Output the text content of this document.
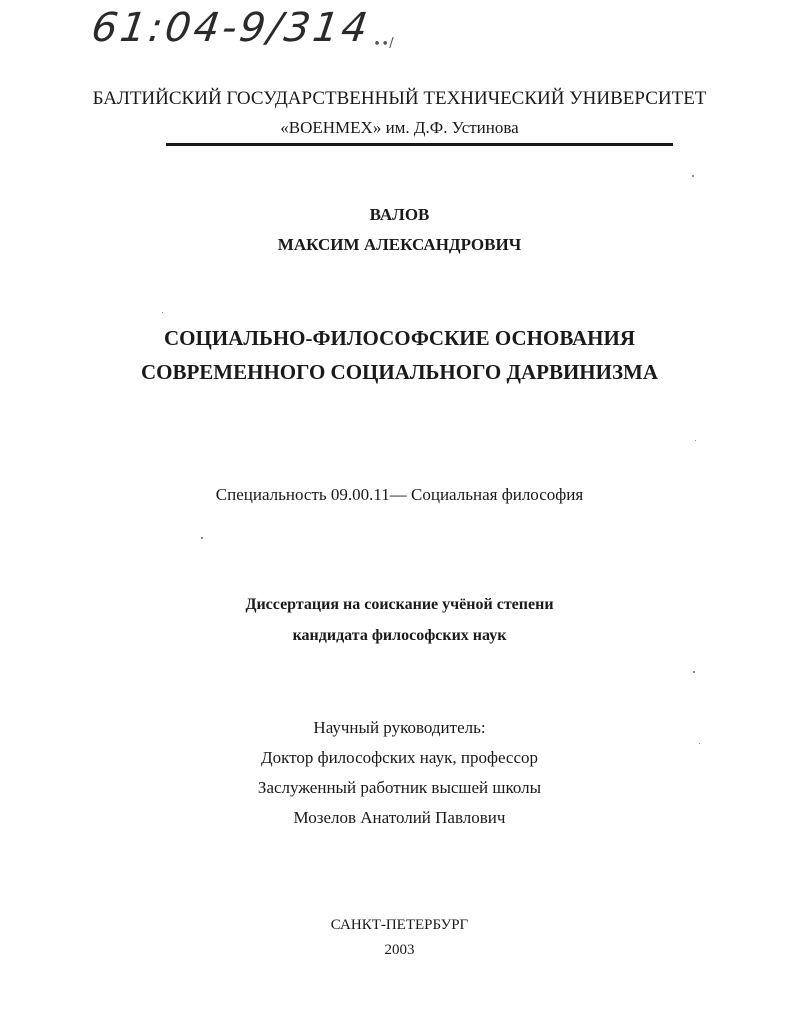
61:04-9/314 ∙∙/
БАЛТИЙСКИЙ ГОСУДАРСТВЕННЫЙ ТЕХНИЧЕСКИЙ УНИВЕРСИТЕТ
«ВОЕНМЕХ» им. Д.Ф. Устинова
ВАЛОВ
МАКСИМ АЛЕКСАНДРОВИЧ
СОЦИАЛЬНО-ФИЛОСОФСКИЕ ОСНОВАНИЯ
СОВРЕМЕННОГО СОЦИАЛЬНОГО ДАРВИНИЗМА
Специальность 09.00.11— Социальная философия
Диссертация на соискание учёной степени
кандидата философских наук
Научный руководитель:
Доктор философских наук, профессор
Заслуженный работник высшей школы
Мозелов Анатолий Павлович
САНКТ-ПЕТЕРБУРГ
2003
